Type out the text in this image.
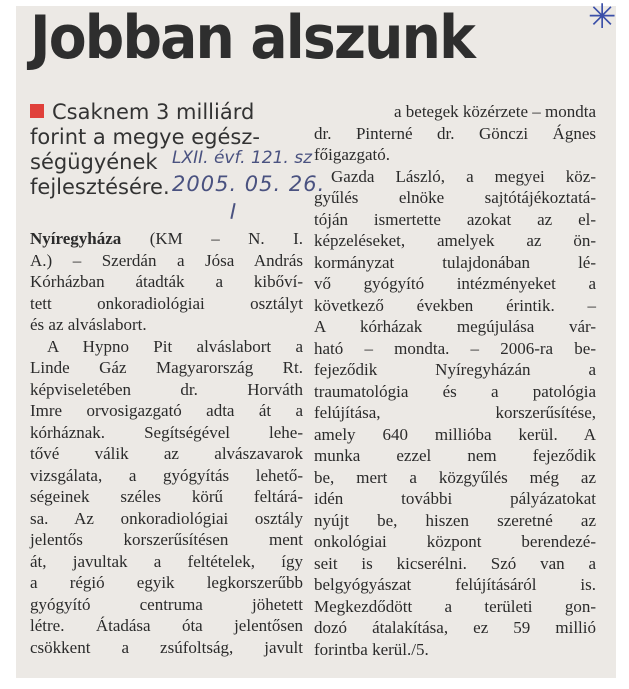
Jobban alszunk	✳
Csaknem 3 milliárd
forint a megye egész-
ségügyének
fejlesztésére.
LXII. évf. 121. sz
2005. 05. 26.
Nyíregyháza (KM – N. I.
A.) – Szerdán a Jósa András
Kórházban átadták a kibőví-
tett onkoradiológiai osztályt
és az alváslabort.
A Hypno Pit alváslabort a
Linde Gáz Magyarország Rt.
képviseletében dr. Horváth
Imre orvosigazgató adta át a
kórháznak. Segítségével lehe-
tővé válik az alvászavarok
vizsgálata, a gyógyítás lehető-
ségeinek széles körű feltárá-
sa. Az onkoradiológiai osztály
jelentős korszerűsítésen ment
át, javultak a feltételek, így
a régió egyik legkorszerűbb
gyógyító centruma jöhetett
létre. Átadása óta jelentősen
csökkent a zsúfoltság, javult
a betegek közérzete – mondta
dr. Pinterné dr. Gönczi Ágnes
főigazgató.
Gazda László, a megyei köz-
gyűlés elnöke sajtótájékoztatá-
tóján ismertette azokat az el-
képzeléseket, amelyek az ön-
kormányzat tulajdonában lé-
vő gyógyító intézményeket a
következő években érintik. –
A kórházak megújulása vár-
ható – mondta. – 2006-ra be-
fejeződik Nyíregyházán a
traumatológia és a patológia
felújítása, korszerűsítése,
amely 640 millióba kerül. A
munka ezzel nem fejeződik
be, mert a közgyűlés még az
idén további pályázatokat
nyújt be, hiszen szeretné az
onkológiai központ berendezé-
seit is kicserélni. Szó van a
belgyógyászat felújításáról is.
Megkezdődött a területi gon-
dozó átalakítása, ez 59 millió
forintba kerül./5.
